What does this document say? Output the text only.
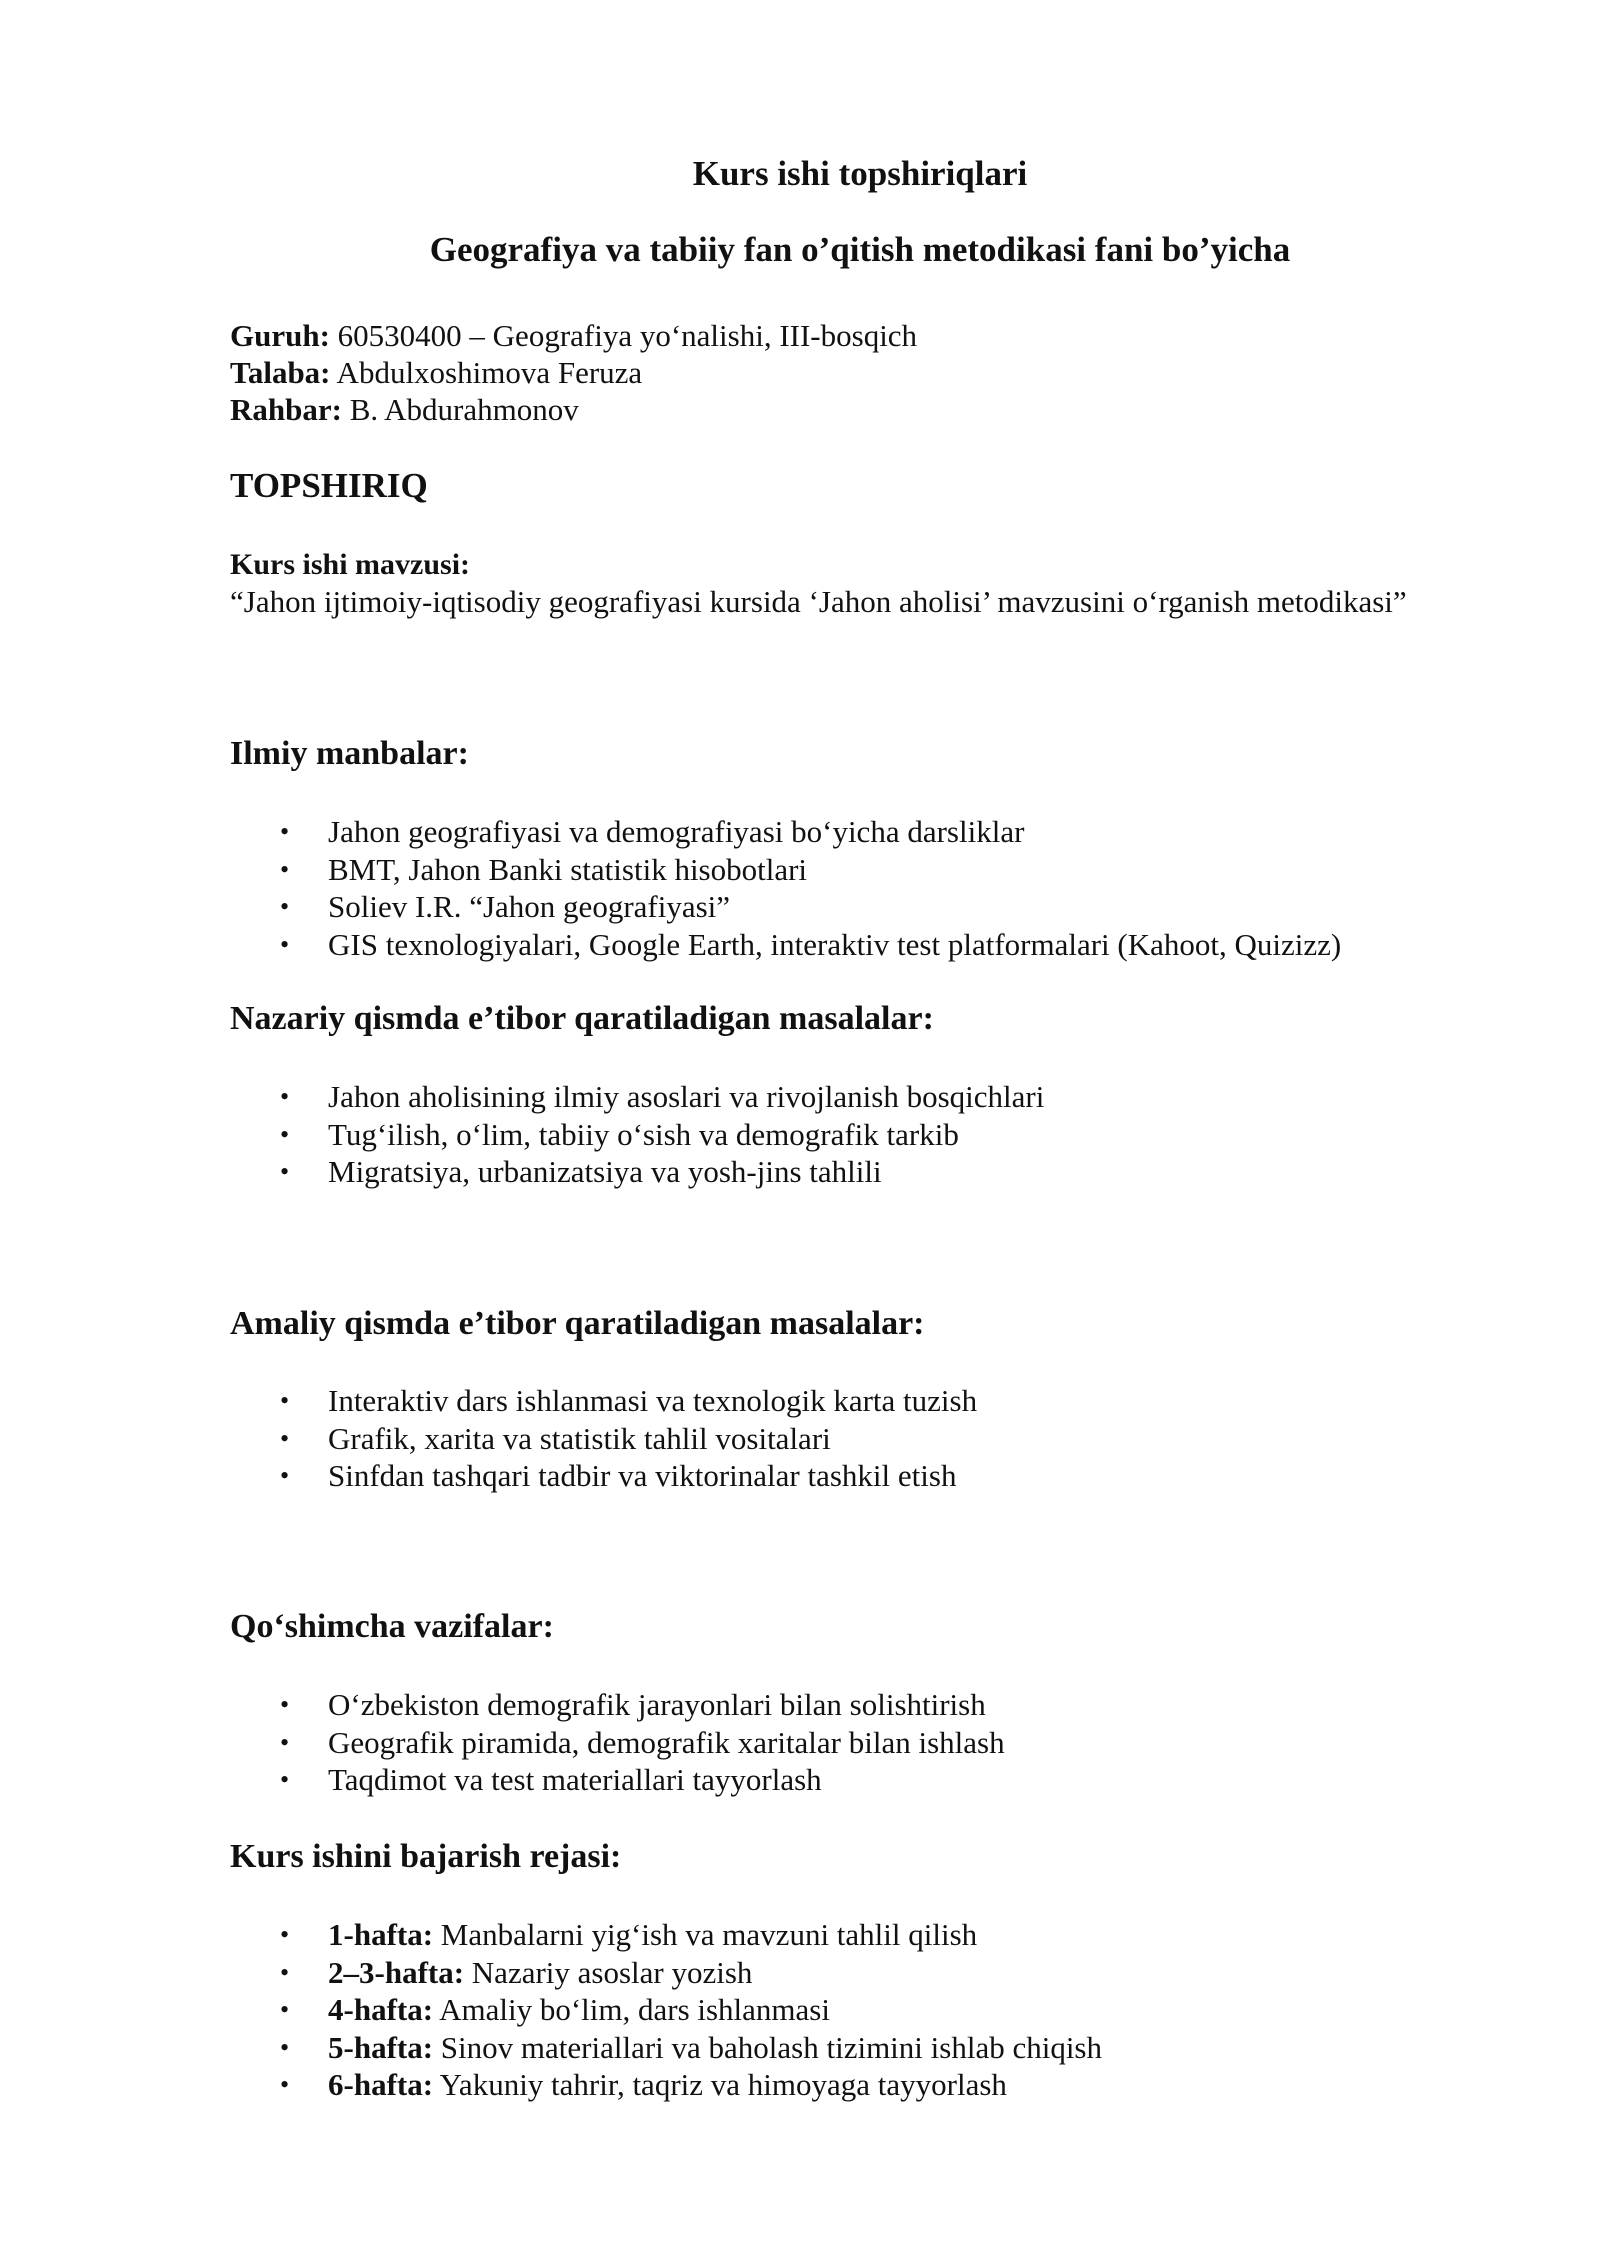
Kurs ishi topshiriqlari
Geografiya va tabiiy fan o’qitish metodikasi fani bo’yicha
Guruh: 60530400 – Geografiya yo‘nalishi, III-bosqich
Talaba: Abdulxoshimova Feruza
Rahbar: B. Abdurahmonov
TOPSHIRIQ
Kurs ishi mavzusi:
“Jahon ijtimoiy-iqtisodiy geografiyasi kursida ‘Jahon aholisi’ mavzusini o‘rganish metodikasi”
Ilmiy manbalar:
• Jahon geografiyasi va demografiyasi bo‘yicha darsliklar
• BMT, Jahon Banki statistik hisobotlari
• Soliev I.R. “Jahon geografiyasi”
• GIS texnologiyalari, Google Earth, interaktiv test platformalari (Kahoot, Quizizz)
Nazariy qismda e’tibor qaratiladigan masalalar:
• Jahon aholisining ilmiy asoslari va rivojlanish bosqichlari
• Tug‘ilish, o‘lim, tabiiy o‘sish va demografik tarkib
• Migratsiya, urbanizatsiya va yosh-jins tahlili
Amaliy qismda e’tibor qaratiladigan masalalar:
• Interaktiv dars ishlanmasi va texnologik karta tuzish
• Grafik, xarita va statistik tahlil vositalari
• Sinfdan tashqari tadbir va viktorinalar tashkil etish
Qo‘shimcha vazifalar:
• O‘zbekiston demografik jarayonlari bilan solishtirish
• Geografik piramida, demografik xaritalar bilan ishlash
• Taqdimot va test materiallari tayyorlash
Kurs ishini bajarish rejasi:
• 1-hafta: Manbalarni yig‘ish va mavzuni tahlil qilish
• 2–3-hafta: Nazariy asoslar yozish
• 4-hafta: Amaliy bo‘lim, dars ishlanmasi
• 5-hafta: Sinov materiallari va baholash tizimini ishlab chiqish
• 6-hafta: Yakuniy tahrir, taqriz va himoyaga tayyorlash
